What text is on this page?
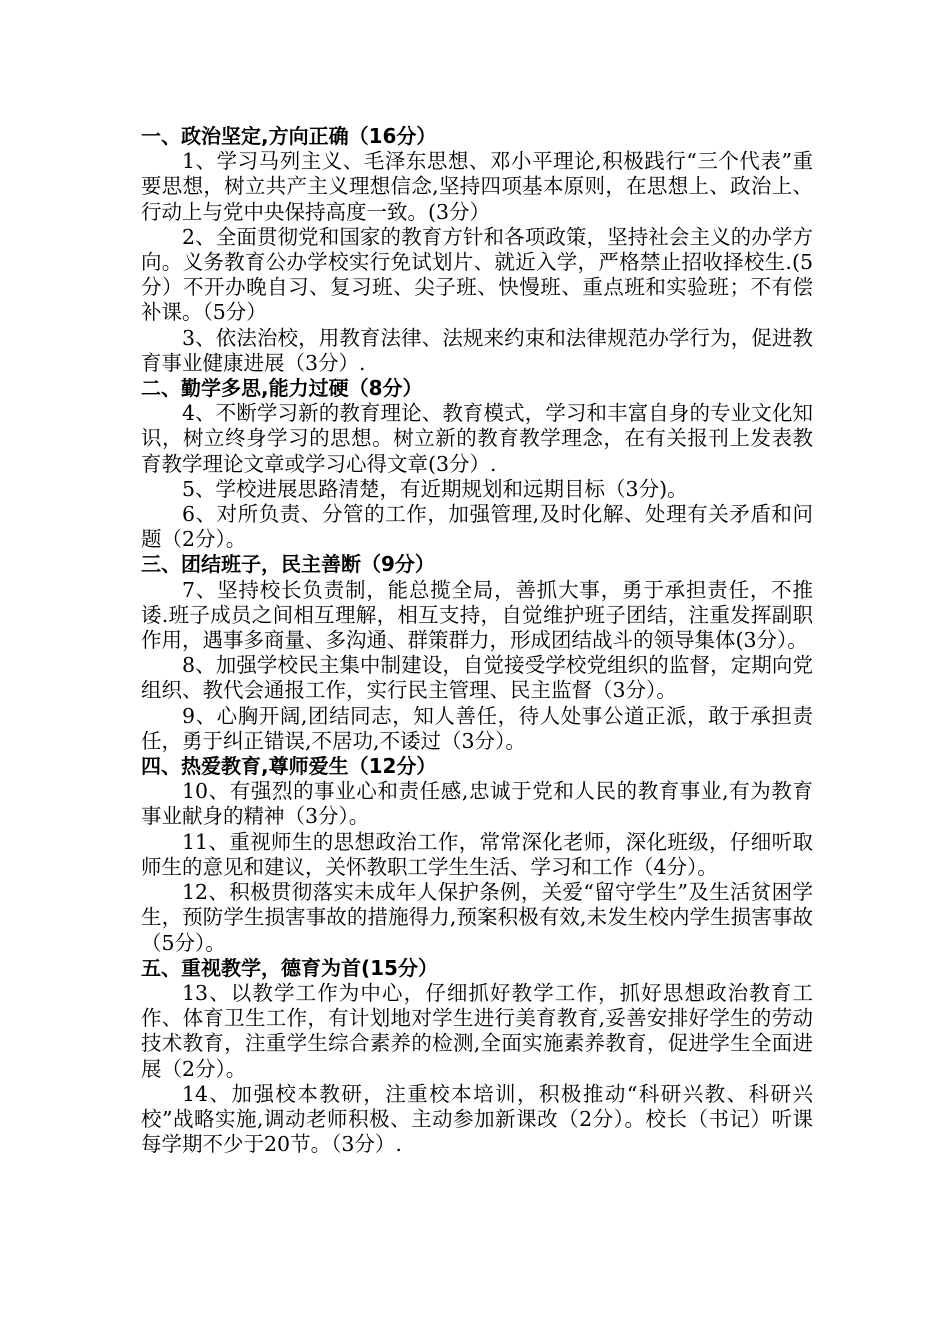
一、政治坚定,方向正确（16分）

1、学习马列主义、毛泽东思想、邓小平理论,积极践行“三个代表”重要思想，树立共产主义理想信念,坚持四项基本原则，在思想上、政治上、行动上与党中央保持高度一致。(3分）

2、全面贯彻党和国家的教育方针和各项政策，坚持社会主义的办学方向。义务教育公办学校实行免试划片、就近入学，严格禁止招收择校生.(5分）不开办晚自习、复习班、尖子班、快慢班、重点班和实验班；不有偿补课。（5分）

3、依法治校，用教育法律、法规来约束和法律规范办学行为，促进教育事业健康进展（3分）.

二、勤学多思,能力过硬（8分）

4、不断学习新的教育理论、教育模式，学习和丰富自身的专业文化知识，树立终身学习的思想。树立新的教育教学理念，在有关报刊上发表教育教学理论文章或学习心得文章(3分）.

5、学校进展思路清楚，有近期规划和远期目标（3分)。

6、对所负责、分管的工作，加强管理,及时化解、处理有关矛盾和问题（2分）。

三、团结班子，民主善断（9分）

7、坚持校长负责制，能总揽全局，善抓大事，勇于承担责任，不推诿.班子成员之间相互理解，相互支持，自觉维护班子团结，注重发挥副职作用，遇事多商量、多沟通、群策群力，形成团结战斗的领导集体(3分）。

8、加强学校民主集中制建设，自觉接受学校党组织的监督，定期向党组织、教代会通报工作，实行民主管理、民主监督（3分）。

9、心胸开阔,团结同志，知人善任，待人处事公道正派，敢于承担责任，勇于纠正错误,不居功,不诿过（3分）。

四、热爱教育,尊师爱生（12分）

10、有强烈的事业心和责任感,忠诚于党和人民的教育事业,有为教育事业献身的精神（3分）。

11、重视师生的思想政治工作，常常深化老师，深化班级，仔细听取师生的意见和建议，关怀教职工学生生活、学习和工作（4分）。

12、积极贯彻落实未成年人保护条例，关爱“留守学生”及生活贫困学生，预防学生损害事故的措施得力,预案积极有效,未发生校内学生损害事故（5分）。

五、重视教学，德育为首(15分）

13、以教学工作为中心，仔细抓好教学工作，抓好思想政治教育工作、体育卫生工作，有计划地对学生进行美育教育,妥善安排好学生的劳动技术教育，注重学生综合素养的检测,全面实施素养教育，促进学生全面进展（2分）。

14、加强校本教研，注重校本培训，积极推动“科研兴教、科研兴校”战略实施,调动老师积极、主动参加新课改（2分）。校长（书记）听课每学期不少于20节。（3分）.
